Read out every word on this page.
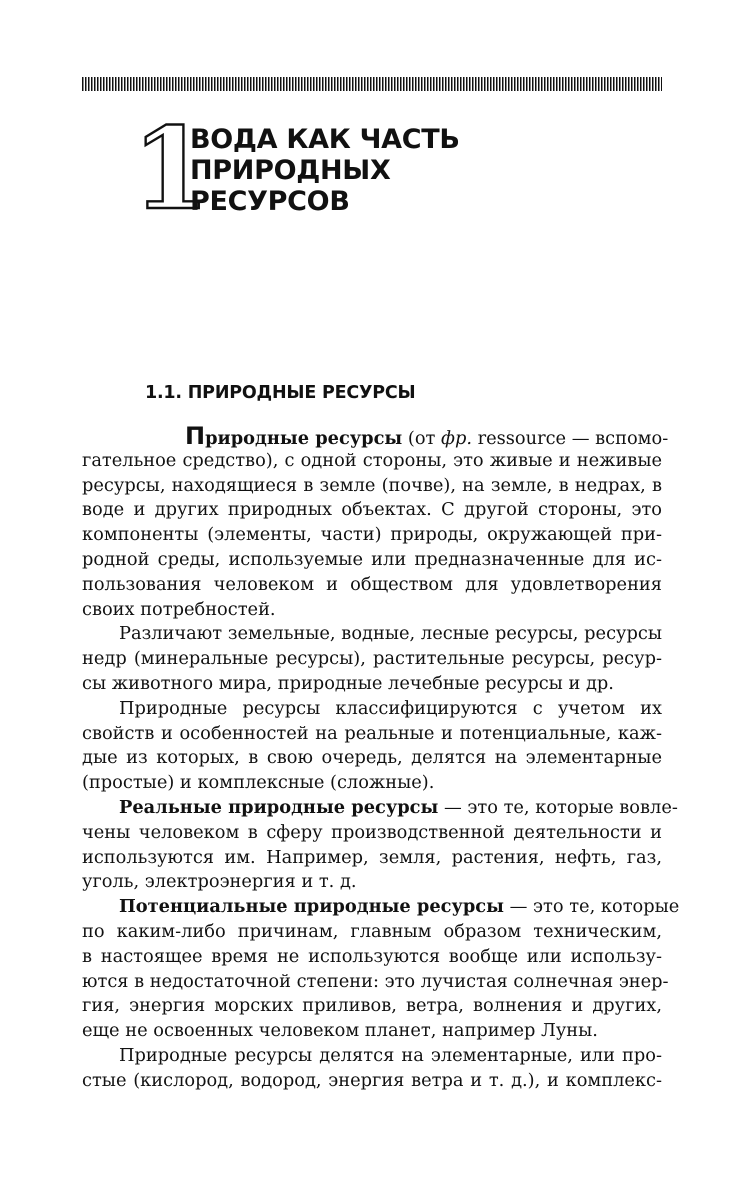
1
ВОДА КАК ЧАСТЬ
ПРИРОДНЫХ
РЕСУРСОВ
1.1. ПРИРОДНЫЕ РЕСУРСЫ
Природные ресурсы (от фр. ressource — вспомо-
гательное средство), с одной стороны, это живые и неживые
ресурсы, находящиеся в земле (почве), на земле, в недрах, в
воде и других природных объектах. С другой стороны, это
компоненты (элементы, части) природы, окружающей при-
родной среды, используемые или предназначенные для ис-
пользования человеком и обществом для удовлетворения
своих потребностей.
Различают земельные, водные, лесные ресурсы, ресурсы
недр (минеральные ресурсы), растительные ресурсы, ресур-
сы животного мира, природные лечебные ресурсы и др.
Природные ресурсы классифицируются с учетом их
свойств и особенностей на реальные и потенциальные, каж-
дые из которых, в свою очередь, делятся на элементарные
(простые) и комплексные (сложные).
Реальные природные ресурсы — это те, которые вовле-
чены человеком в сферу производственной деятельности и
используются им. Например, земля, растения, нефть, газ,
уголь, электроэнергия и т. д.
Потенциальные природные ресурсы — это те, которые
по каким-либо причинам, главным образом техническим,
в настоящее время не используются вообще или использу-
ются в недостаточной степени: это лучистая солнечная энер-
гия, энергия морских приливов, ветра, волнения и других,
еще не освоенных человеком планет, например Луны.
Природные ресурсы делятся на элементарные, или про-
стые (кислород, водород, энергия ветра и т. д.), и комплекс-
